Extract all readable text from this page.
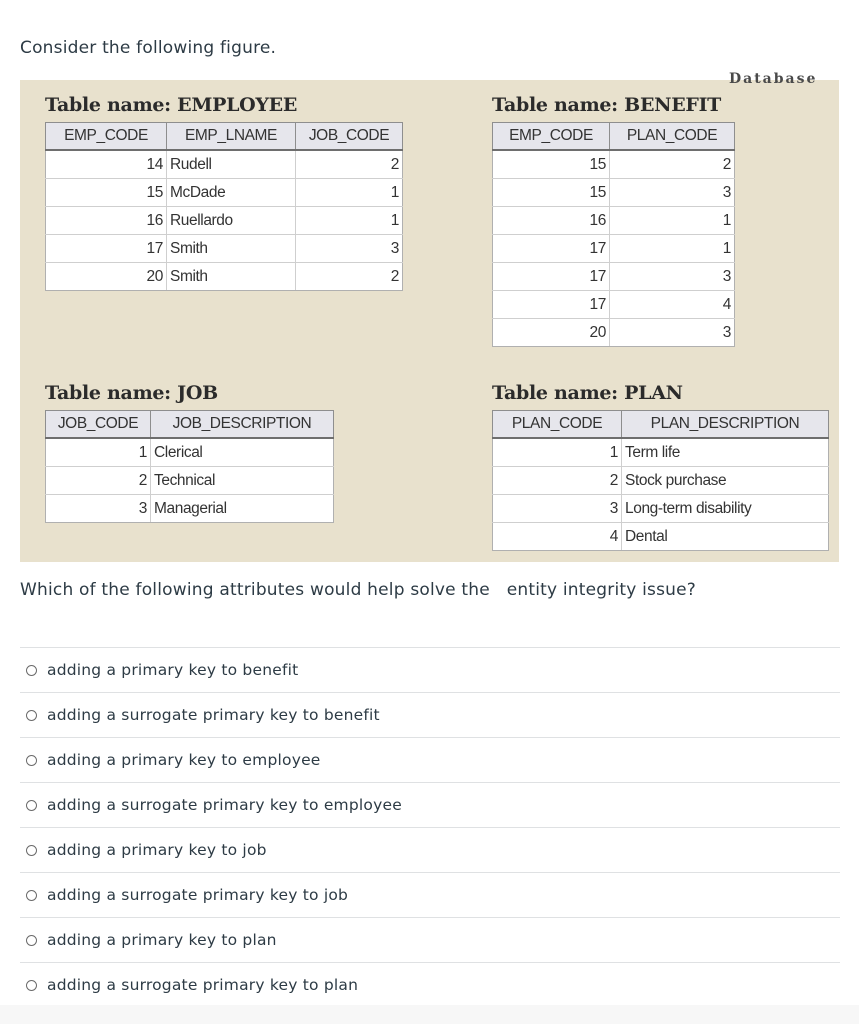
Consider the following figure.
Database
Table name: EMPLOYEE
EMP_CODE	EMP_LNAME	JOB_CODE
14	Rudell	2
15	McDade	1
16	Ruellardo	1
17	Smith	3
20	Smith	2
Table name: BENEFIT
EMP_CODE	PLAN_CODE
15	2
15	3
16	1
17	1
17	3
17	4
20	3
Table name: JOB
JOB_CODE	JOB_DESCRIPTION
1	Clerical
2	Technical
3	Managerial
Table name: PLAN
PLAN_CODE	PLAN_DESCRIPTION
1	Term life
2	Stock purchase
3	Long-term disability
4	Dental
Which of the following attributes would help solve the   entity integrity issue?
adding a primary key to benefit
adding a surrogate primary key to benefit
adding a primary key to employee
adding a surrogate primary key to employee
adding a primary key to job
adding a surrogate primary key to job
adding a primary key to plan
adding a surrogate primary key to plan
